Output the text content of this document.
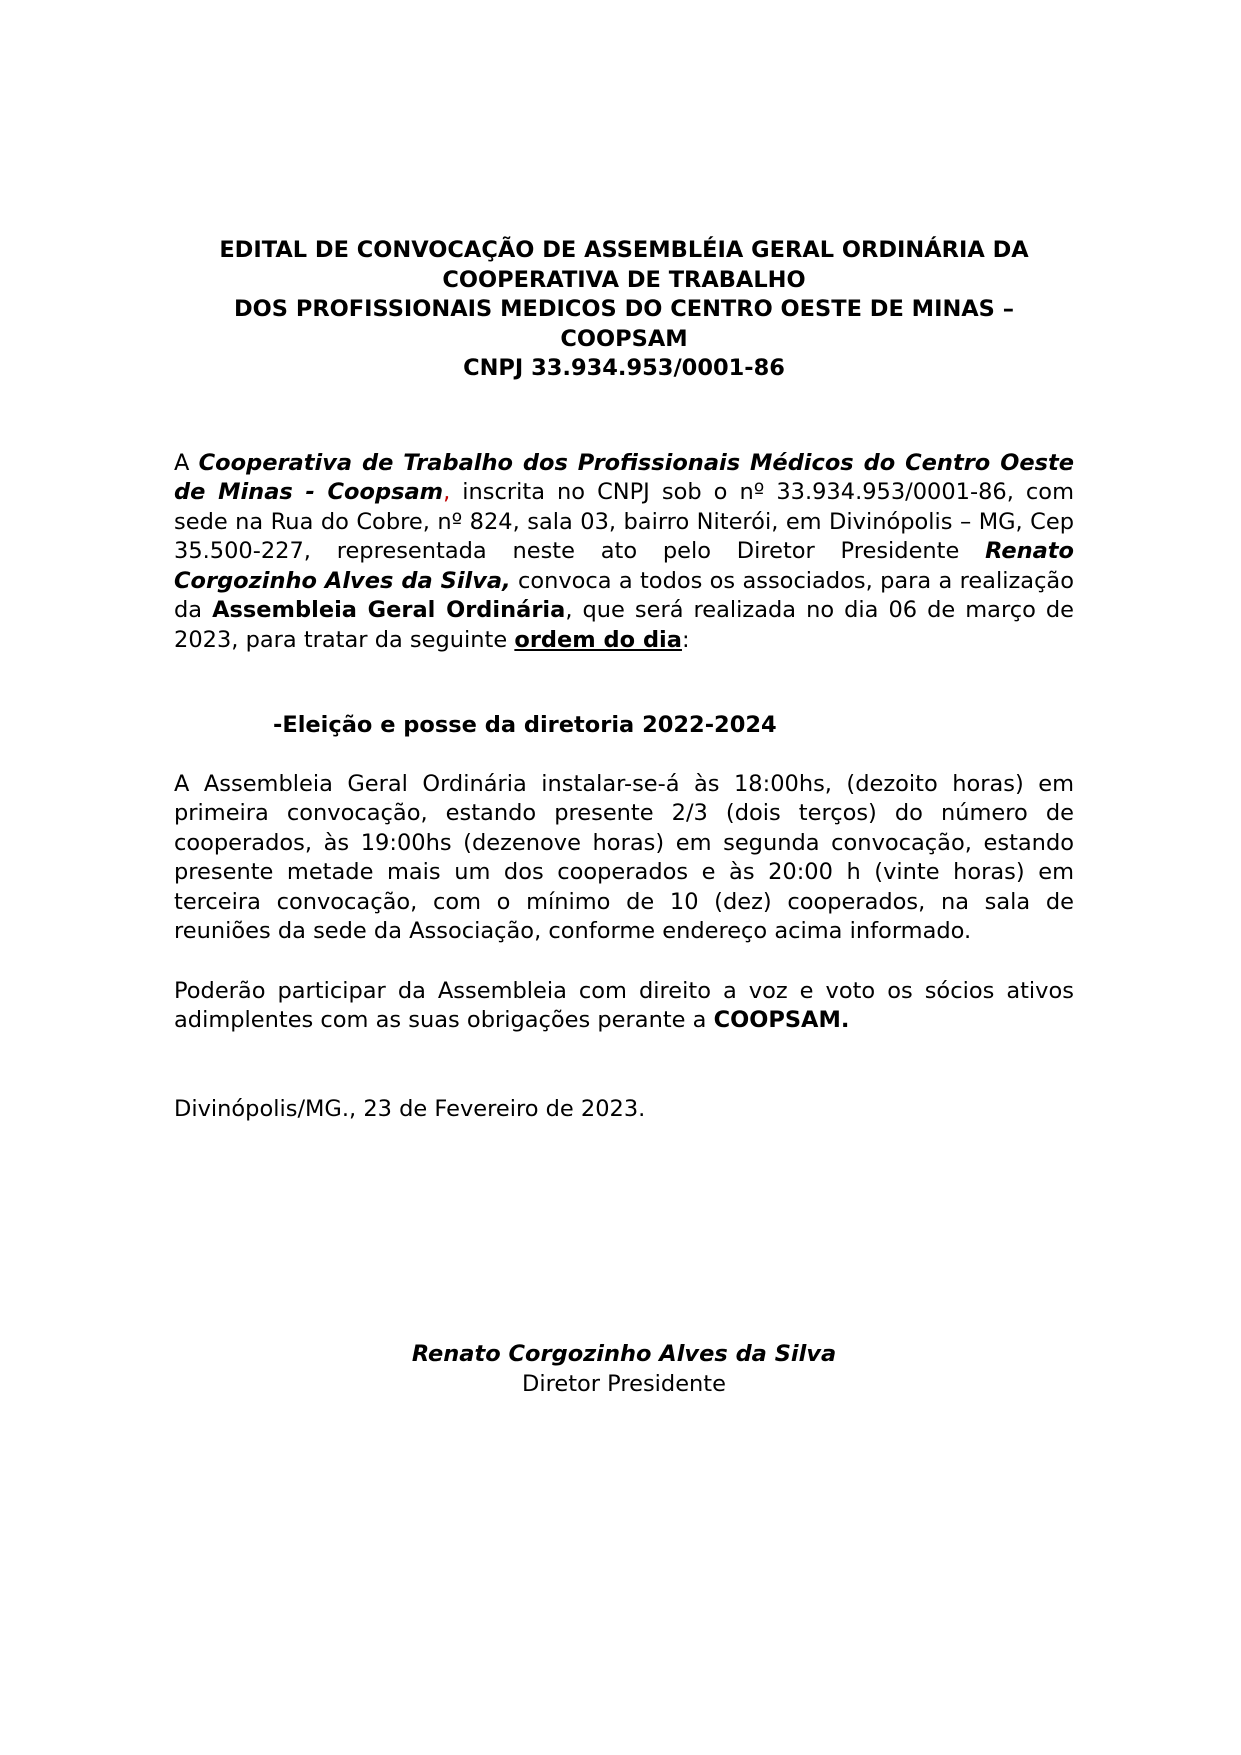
EDITAL DE CONVOCAÇÃO DE ASSEMBLÉIA GERAL ORDINÁRIA DA
COOPERATIVA DE TRABALHO
DOS PROFISSIONAIS MEDICOS DO CENTRO OESTE DE MINAS –
COOPSAM
CNPJ 33.934.953/0001-86
A Cooperativa de Trabalho dos Profissionais Médicos do Centro Oeste de Minas - Coopsam, inscrita no CNPJ sob o nº 33.934.953/0001-86, com sede na Rua do Cobre, nº 824, sala 03, bairro Niterói, em Divinópolis – MG, Cep 35.500-227, representada neste ato pelo Diretor Presidente Renato Corgozinho Alves da Silva, convoca a todos os associados, para a realização da Assembleia Geral Ordinária, que será realizada no dia 06 de março de 2023, para tratar da seguinte ordem do dia:
-Eleição e posse da diretoria 2022-2024
A Assembleia Geral Ordinária instalar-se-á às 18:00hs, (dezoito horas) em primeira convocação, estando presente 2/3 (dois terços) do número de cooperados, às 19:00hs (dezenove horas) em segunda convocação, estando presente metade mais um dos cooperados e às 20:00 h (vinte horas) em terceira convocação, com o mínimo de 10 (dez) cooperados, na sala de reuniões da sede da Associação, conforme endereço acima informado.
Poderão participar da Assembleia com direito a voz e voto os sócios ativos adimplentes com as suas obrigações perante a COOPSAM.
Divinópolis/MG., 23 de Fevereiro de 2023.
Renato Corgozinho Alves da Silva
Diretor Presidente
